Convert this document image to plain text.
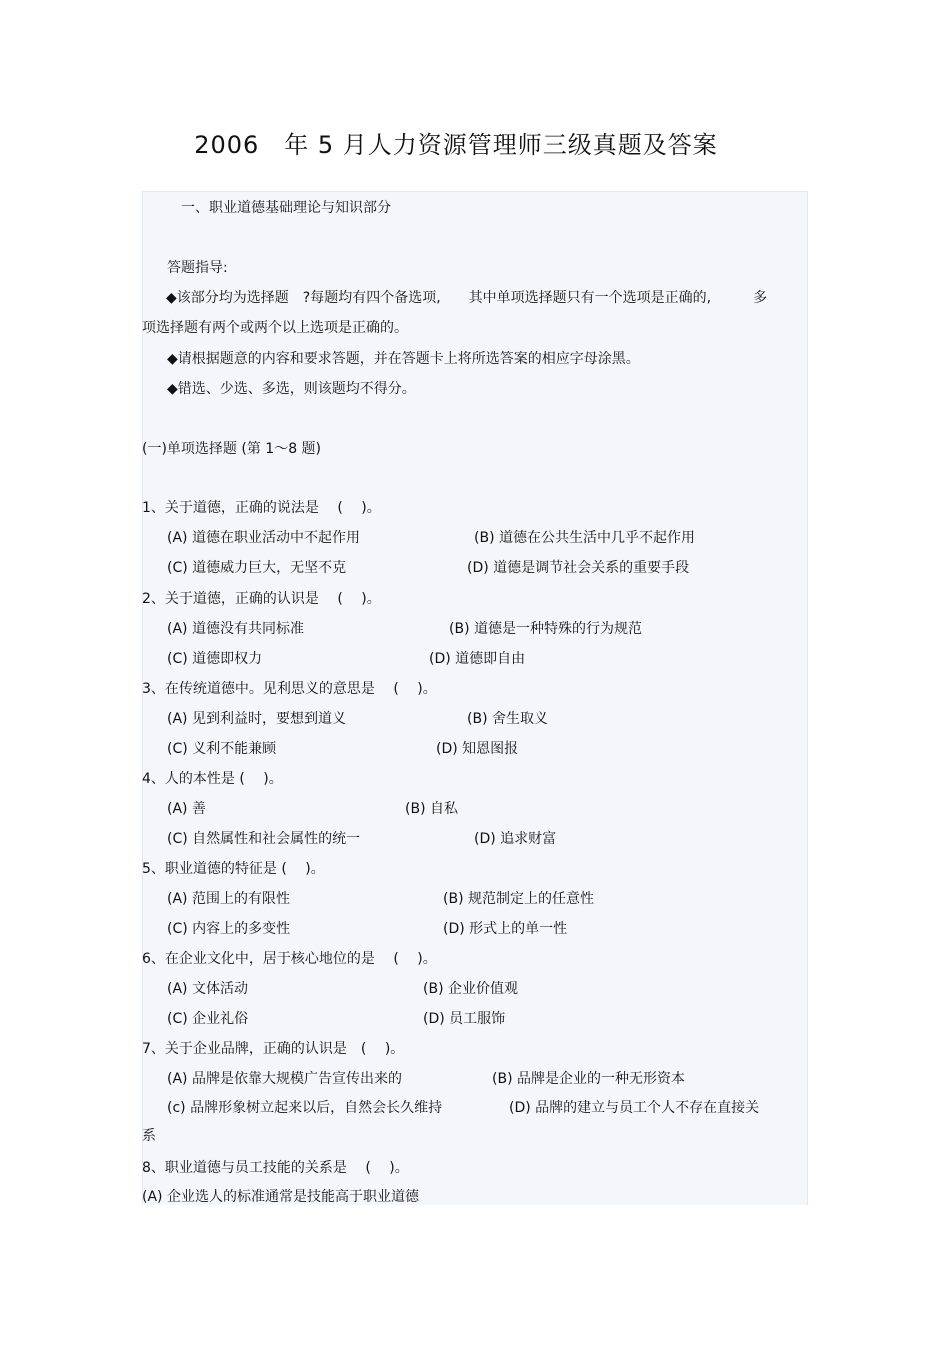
2006　年 5 月人力资源管理师三级真题及答案
一、职业道德基础理论与知识部分
答题指导:
◆该部分均为选择题　?每题均有四个备选项,　　其中单项选择题只有一个选项是正确的,　　　多
项选择题有两个或两个以上选项是正确的。
◆请根据题意的内容和要求答题，并在答题卡上将所选答案的相应字母涂黑。
◆错选、少选、多选，则该题均不得分。
(一)单项选择题 (第 1～8 题)
1、关于道德，正确的说法是　 (　 )。
(A) 道德在职业活动中不起作用	(B) 道德在公共生活中几乎不起作用
(C) 道德威力巨大，无坚不克	(D) 道德是调节社会关系的重要手段
2、关于道德，正确的认识是　 (　 )。
(A) 道德没有共同标准	(B) 道德是一种特殊的行为规范
(C) 道德即权力	(D) 道德即自由
3、在传统道德中。见利思义的意思是　 (　 )。
(A) 见到利益时，要想到道义	(B) 舍生取义
(C) 义利不能兼顾	(D) 知恩图报
4、人的本性是 (　 )。
(A) 善	(B) 自私
(C) 自然属性和社会属性的统一	(D) 追求财富
5、职业道德的特征是 (　 )。
(A) 范围上的有限性	(B) 规范制定上的任意性
(C) 内容上的多变性	(D) 形式上的单一性
6、在企业文化中，居于核心地位的是　 (　 )。
(A) 文体活动	(B) 企业价值观
(C) 企业礼俗	(D) 员工服饰
7、关于企业品牌，正确的认识是　(　 )。
(A) 品牌是依靠大规模广告宣传出来的	(B) 品牌是企业的一种无形资本
(c) 品牌形象树立起来以后，自然会长久维持	(D) 品牌的建立与员工个人不存在直接关
系
8、职业道德与员工技能的关系是　 (　 )。
(A) 企业选人的标准通常是技能高于职业道德
